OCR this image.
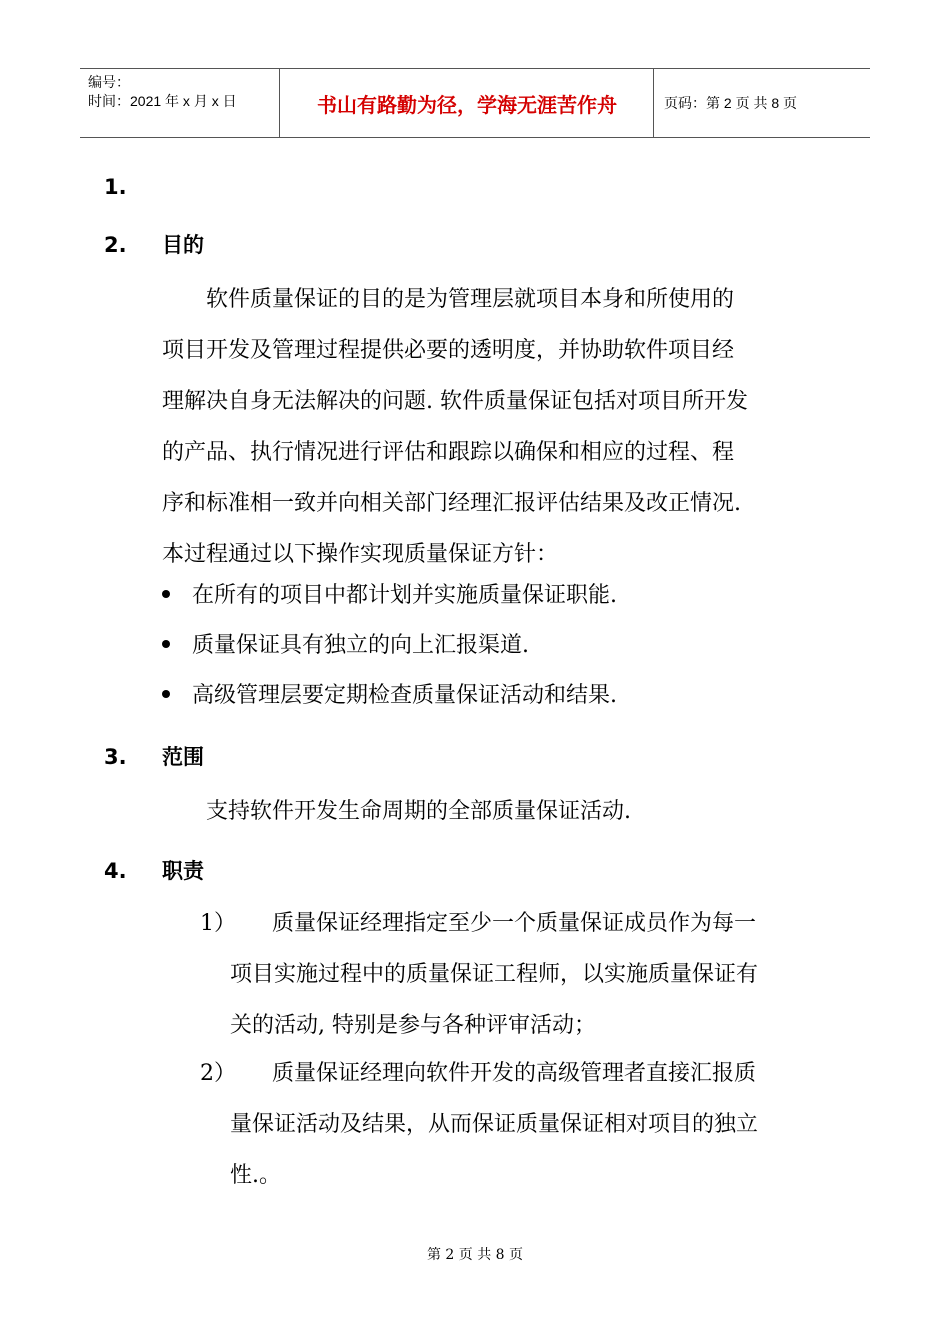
编号：
时间：2021 年 x 月 x 日	书山有路勤为径，学海无涯苦作舟	页码：第 2 页 共 8 页
1.
2. 目的
　　软件质量保证的目的是为管理层就项目本身和所使用的
项目开发及管理过程提供必要的透明度，并协助软件项目经
理解决自身无法解决的问题. 软件质量保证包括对项目所开发
的产品、执行情况进行评估和跟踪以确保和相应的过程、程
序和标准相一致并向相关部门经理汇报评估结果及改正情况.
本过程通过以下操作实现质量保证方针：
在所有的项目中都计划并实施质量保证职能.
质量保证具有独立的向上汇报渠道.
高级管理层要定期检查质量保证活动和结果.
3. 范围
　　支持软件开发生命周期的全部质量保证活动.
4. 职责
1） 质量保证经理指定至少一个质量保证成员作为每一
项目实施过程中的质量保证工程师，以实施质量保证有
关的活动, 特别是参与各种评审活动；
2） 质量保证经理向软件开发的高级管理者直接汇报质
量保证活动及结果，从而保证质量保证相对项目的独立
性.。
第 2 页 共 8 页
